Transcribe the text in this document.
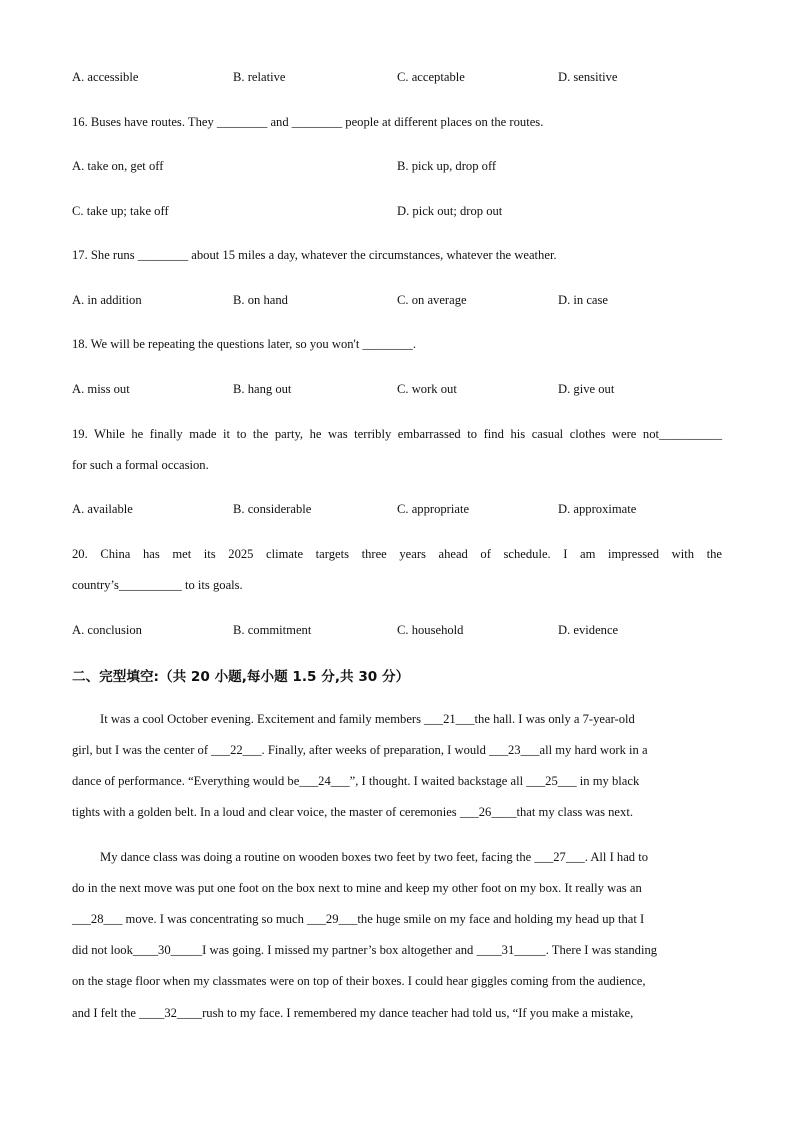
A. accessible	B. relative	C. acceptable	D. sensitive
16. Buses have routes. They ________ and ________ people at different places on the routes.
A. take on, get off	B. pick up, drop off
C. take up; take off	D. pick out; drop out
17. She runs ________ about 15 miles a day, whatever the circumstances, whatever the weather.
A. in addition	B. on hand	C. on average	D. in case
18. We will be repeating the questions later, so you won't ________.
A. miss out	B. hang out	C. work out	D. give out
19. While he finally made it to the party, he was terribly embarrassed to find his casual clothes were not__________
for such a formal occasion.
A. available	B. considerable	C. appropriate	D. approximate
20. China has met its 2025 climate targets three years ahead of schedule. I am impressed with the
country’s__________ to its goals.
A. conclusion	B. commitment	C. household	D. evidence
二、完型填空:（共 20 小题,每小题 1.5 分,共 30 分）
It was a cool October evening. Excitement and family members ___21___the hall. I was only a 7-year-old
girl, but I was the center of ___22___. Finally, after weeks of preparation, I would ___23___all my hard work in a
dance of performance. “Everything would be___24___”, I thought. I waited backstage all ___25___ in my black
tights with a golden belt. In a loud and clear voice, the master of ceremonies ___26____that my class was next.
My dance class was doing a routine on wooden boxes two feet by two feet, facing the ___27___. All I had to
do in the next move was put one foot on the box next to mine and keep my other foot on my box. It really was an
___28___ move. I was concentrating so much ___29___the huge smile on my face and holding my head up that I
did not look____30_____I was going. I missed my partner’s box altogether and ____31_____. There I was standing
on the stage floor when my classmates were on top of their boxes. I could hear giggles coming from the audience,
and I felt the ____32____rush to my face. I remembered my dance teacher had told us, “If you make a mistake,
